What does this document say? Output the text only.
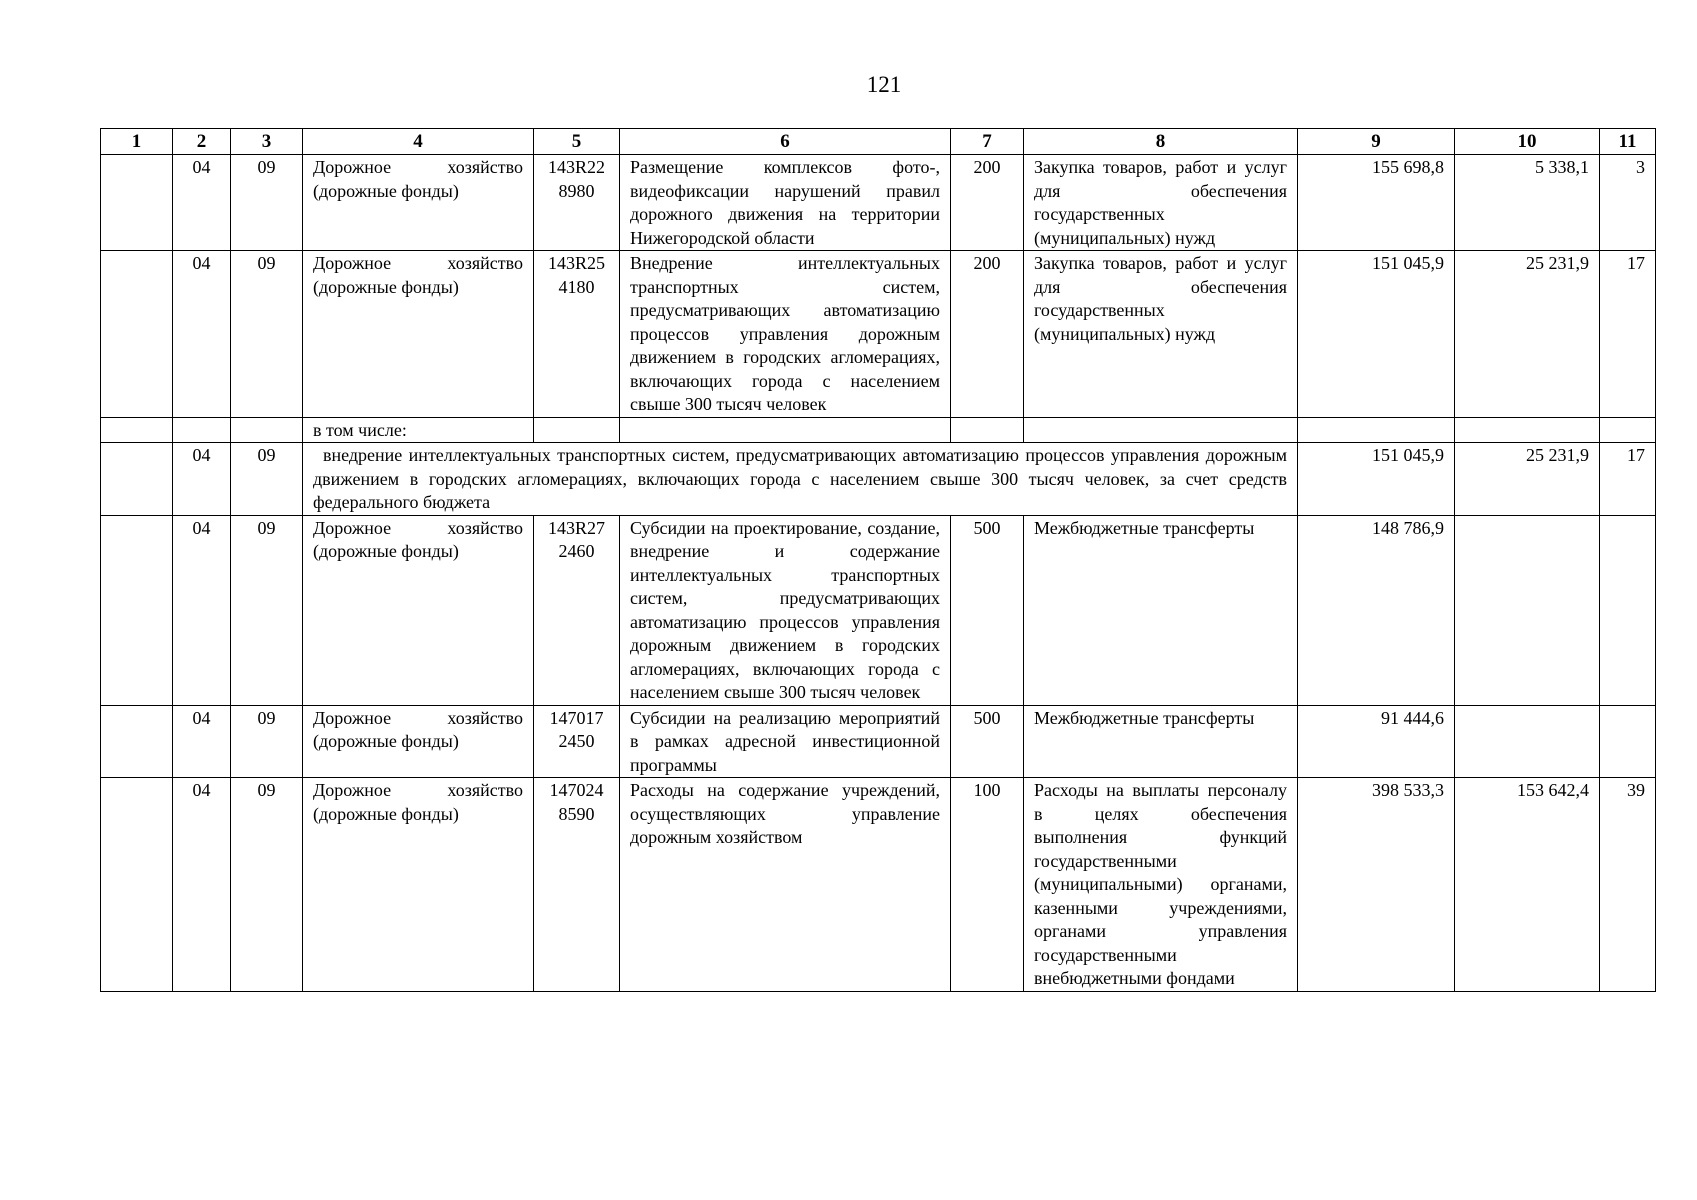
121
1	2	3	4	5	6	7	8	9	10	11
	04	09	Дорожное хозяйство (дорожные фонды)	143R22 8980	Размещение комплексов фото-, видеофиксации нарушений правил дорожного движения на территории Нижегородской области	200	Закупка товаров, работ и услуг для обеспечения государственных (муниципальных) нужд	155 698,8	5 338,1	3
	04	09	Дорожное хозяйство (дорожные фонды)	143R25 4180	Внедрение интеллектуальных транспортных систем, предусматривающих автоматизацию процессов управления дорожным движением в городских агломерациях, включающих города с населением свыше 300 тысяч человек	200	Закупка товаров, работ и услуг для обеспечения государственных (муниципальных) нужд	151 045,9	25 231,9	17
			в том числе:							
	04	09	внедрение интеллектуальных транспортных систем, предусматривающих автоматизацию процессов управления дорожным движением в городских агломерациях, включающих города с населением свыше 300 тысяч человек, за счет средств федерального бюджета					151 045,9	25 231,9	17
	04	09	Дорожное хозяйство (дорожные фонды)	143R27 2460	Субсидии на проектирование, создание, внедрение и содержание интеллектуальных транспортных систем, предусматривающих автоматизацию процессов управления дорожным движением в городских агломерациях, включающих города с населением свыше 300 тысяч человек	500	Межбюджетные трансферты	148 786,9		
	04	09	Дорожное хозяйство (дорожные фонды)	147017 2450	Субсидии на реализацию мероприятий в рамках адресной инвестиционной программы	500	Межбюджетные трансферты	91 444,6		
	04	09	Дорожное хозяйство (дорожные фонды)	147024 8590	Расходы на содержание учреждений, осуществляющих управление дорожным хозяйством	100	Расходы на выплаты персоналу в целях обеспечения выполнения функций государственными (муниципальными) органами, казенными учреждениями, органами управления государственными внебюджетными фондами	398 533,3	153 642,4	39
